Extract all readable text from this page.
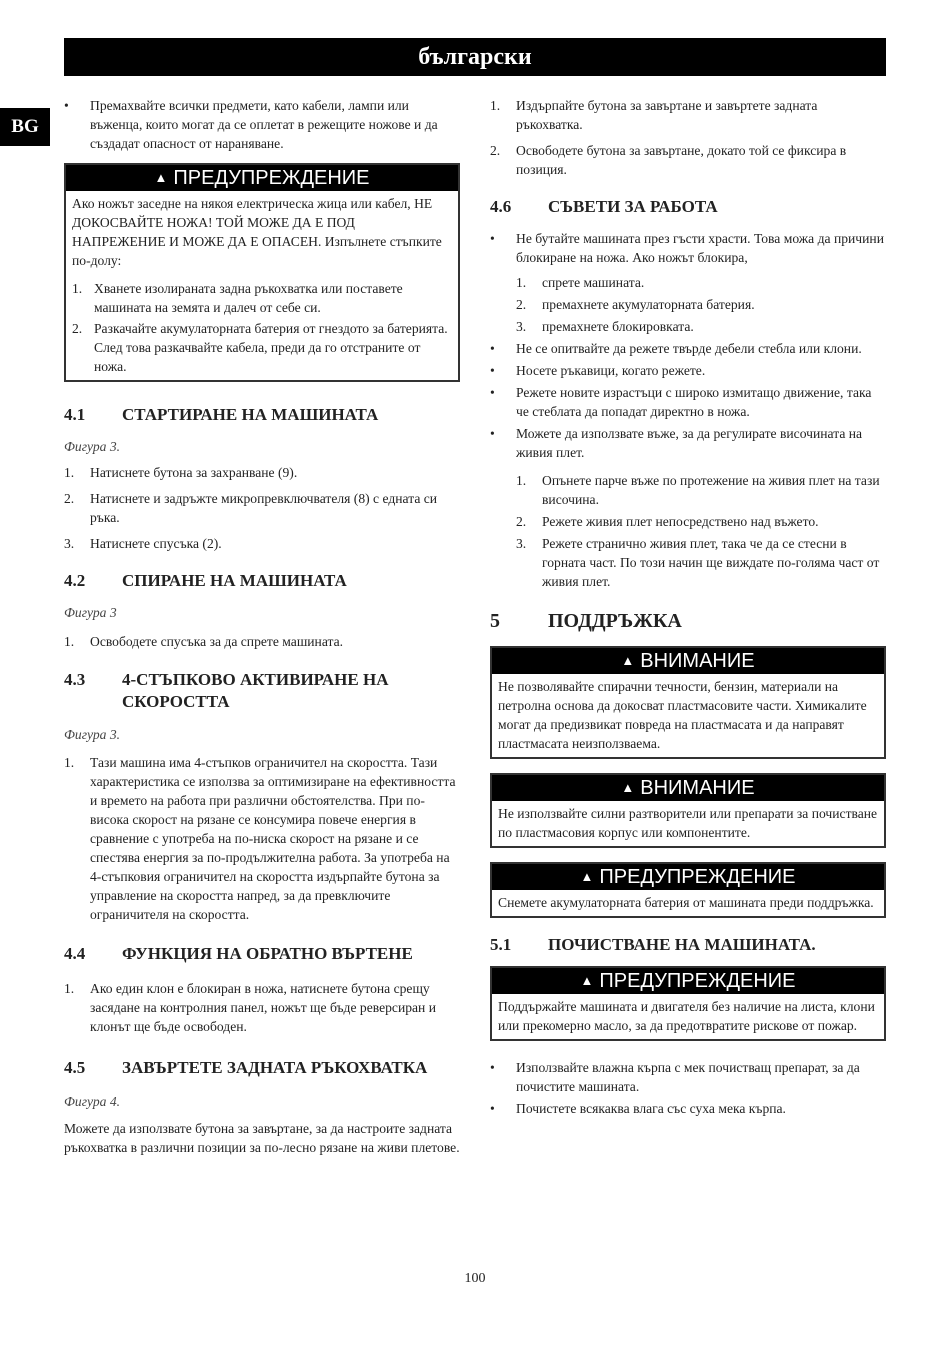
български
BG
• Премахвайте всички предмети, като кабели, лампи или въженца, които могат да се оплетат в режещите ножове и да създадат опасност от нараняване.
▲ ПРЕДУПРЕЖДЕНИЕ

Ако ножът заседне на някоя електрическа жица или кабел, НЕ ДОКОСВАЙТЕ НОЖА! ТОЙ МОЖЕ ДА Е ПОД НАПРЕЖЕНИЕ И МОЖЕ ДА Е ОПАСЕН. Изпълнете стъпките по-долу:

1. Хванете изолираната задна ръкохватка или поставете машината на земята и далеч от себе си.
2. Разкачайте акумулаторната батерия от гнездото за батерията. След това разкачвайте кабела, преди да го отстраните от ножа.
4.1 СТАРТИРАНЕ НА МАШИНАТА

Фигура 3.

1. Натиснете бутона за захранване (9).
2. Натиснете и задръжте микропревключвателя (8) с едната си ръка.
3. Натиснете спусъка (2).
4.2 СПИРАНЕ НА МАШИНАТА

Фигура 3

1. Освободете спусъка за да спрете машината.
4.3 4-СТЪПКОВО АКТИВИРАНЕ НА СКОРОСТТА

Фигура 3.

1. Тази машина има 4-стъпков ограничител на скоростта. Тази характеристика се използва за оптимизиране на ефективността и времето на работа при различни обстоятелства. При по-висока скорост на рязане се консумира повече енергия в сравнение с употреба на по-ниска скорост на рязане и се спестява енергия за по-продължителна работа. За употреба на 4-стъпковия ограничител на скоростта издърпайте бутона за управление на скоростта напред, за да превключите ограничителя на скоростта.
4.4 ФУНКЦИЯ НА ОБРАТНО ВЪРТЕНЕ
1. Ако един клон е блокиран в ножа, натиснете бутона срещу засядане на контролния панел, ножът ще бъде реверсиран и клонът ще бъде освободен.
4.5 ЗАВЪРТЕТЕ ЗАДНАТА РЪКОХВАТКА

Фигура 4.

Можете да използвате бутона за завъртане, за да настроите задната ръкохватка в различни позиции за по-лесно рязане на живи плетове.

1. Издърпайте бутона за завъртане и завъртете задната ръкохватка.
2. Освободете бутона за завъртане, докато той се фиксира в позиция.
4.6 СЪВЕТИ ЗА РАБОТА
• Не бутайте машината през гъсти храсти. Това можа да причини блокиране на ножа. Ако ножът блокира,
1. спрете машината.
2. премахнете акумулаторната батерия.
3. премахнете блокировката.
• Не се опитвайте да режете твърде дебели стебла или клони.
• Носете ръкавици, когато режете.
• Режете новите израстъци с широко измитащо движение, така че стеблата да попадат директно в ножа.
• Можете да използвате въже, за да регулирате височината на живия плет.
1. Опънете парче въже по протежение на живия плет на тази височина.
2. Режете живия плет непосредствено над въжето.
3. Режете странично живия плет, така че да се стесни в горната част. По този начин ще виждате по-голяма част от живия плет.
5 ПОДДРЪЖКА
▲ ВНИМАНИЕ

Не позволявайте спирачни течности, бензин, материали на петролна основа да докосват пластмасовите части. Химикалите могат да предизвикат повреда на пластмасата и да направят пластмасата неизползваема.

▲ ВНИМАНИЕ

Не използвайте силни разтворители или препарати за почистване по пластмасовия корпус или компонентите.

▲ ПРЕДУПРЕЖДЕНИЕ

Снемете акумулаторната батерия от машината преди поддръжка.

5.1 ПОЧИСТВАНЕ НА МАШИНАТА.
▲ ПРЕДУПРЕЖДЕНИЕ

Поддържайте машината и двигателя без наличие на листа, клони или прекомерно масло, за да предотвратите рискове от пожар.

• Използвайте влажна кърпа с мек почистващ препарат, за да почистите машината.
• Почистете всякаква влага със суха мека кърпа.
100
